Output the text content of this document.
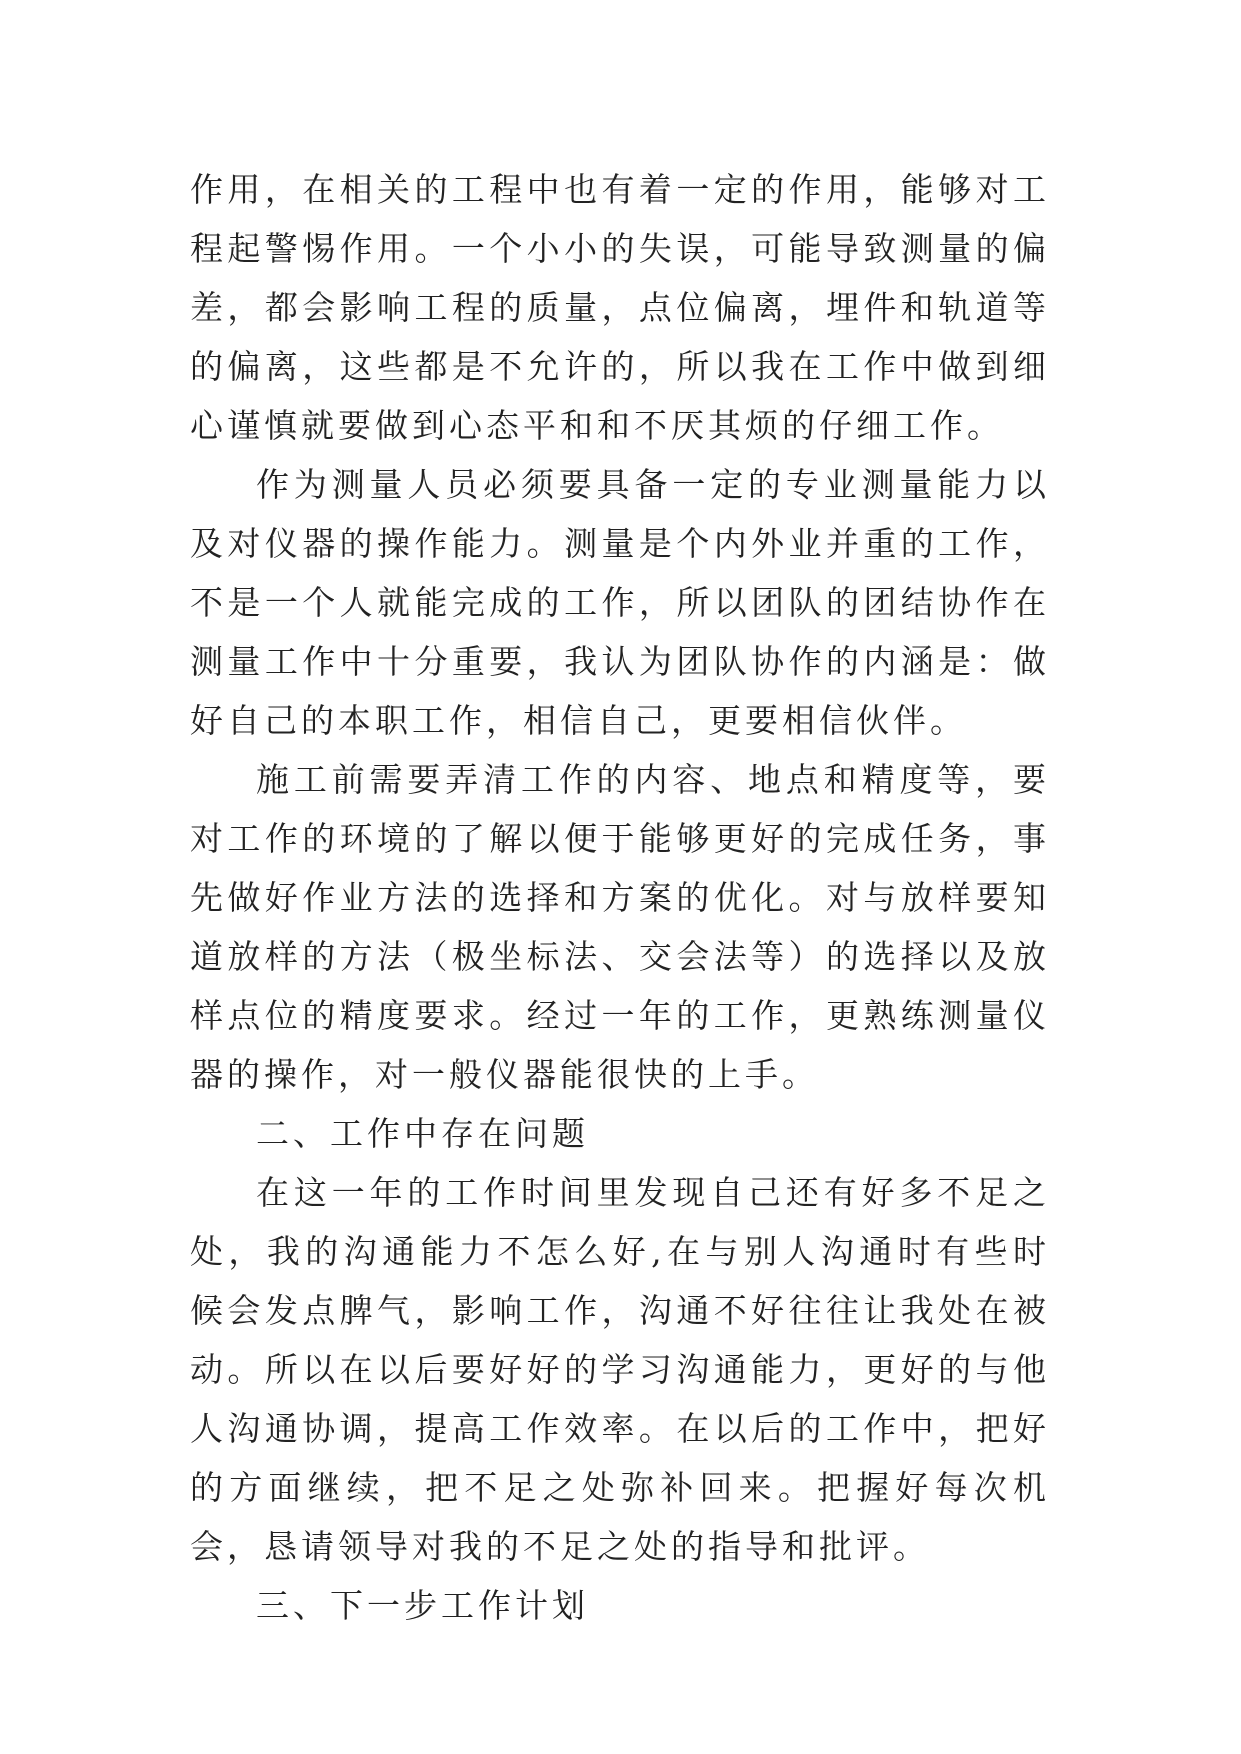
作用，在相关的工程中也有着一定的作用，能够对工程起警惕作用。一个小小的失误，可能导致测量的偏差，都会影响工程的质量，点位偏离，埋件和轨道等的偏离，这些都是不允许的，所以我在工作中做到细心谨慎就要做到心态平和和不厌其烦的仔细工作。

作为测量人员必须要具备一定的专业测量能力以及对仪器的操作能力。测量是个内外业并重的工作，不是一个人就能完成的工作，所以团队的团结协作在测量工作中十分重要，我认为团队协作的内涵是：做好自己的本职工作，相信自己，更要相信伙伴。

施工前需要弄清工作的内容、地点和精度等，要对工作的环境的了解以便于能够更好的完成任务，事先做好作业方法的选择和方案的优化。对与放样要知道放样的方法（极坐标法、交会法等）的选择以及放样点位的精度要求。经过一年的工作，更熟练测量仪器的操作，对一般仪器能很快的上手。

二、工作中存在问题

在这一年的工作时间里发现自己还有好多不足之处，我的沟通能力不怎么好,在与别人沟通时有些时候会发点脾气，影响工作，沟通不好往往让我处在被动。所以在以后要好好的学习沟通能力，更好的与他人沟通协调，提高工作效率。在以后的工作中，把好的方面继续，把不足之处弥补回来。把握好每次机会，恳请领导对我的不足之处的指导和批评。

三、下一步工作计划
